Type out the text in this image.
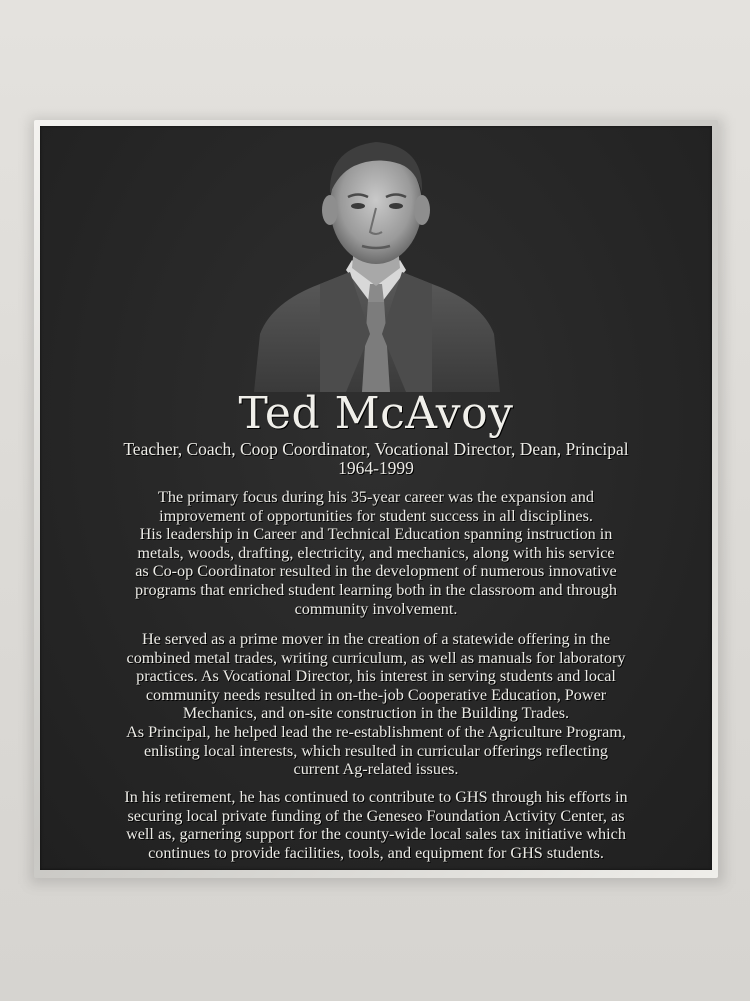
Ted McAvoy
Teacher, Coach, Coop Coordinator, Vocational Director, Dean, Principal
1964-1999
The primary focus during his 35-year career was the expansion and
improvement of opportunities for student success in all disciplines.
His leadership in Career and Technical Education spanning instruction in
metals, woods, drafting, electricity, and mechanics, along with his service
as Co-op Coordinator resulted in the development of numerous innovative
programs that enriched student learning both in the classroom and through
community involvement.
He served as a prime mover in the creation of a statewide offering in the
combined metal trades, writing curriculum, as well as manuals for laboratory
practices. As Vocational Director, his interest in serving students and local
community needs resulted in on-the-job Cooperative Education, Power
Mechanics, and on-site construction in the Building Trades.
As Principal, he helped lead the re-establishment of the Agriculture Program,
enlisting local interests, which resulted in curricular offerings reflecting
current Ag-related issues.
In his retirement, he has continued to contribute to GHS through his efforts in
securing local private funding of the Geneseo Foundation Activity Center, as
well as, garnering support for the county-wide local sales tax initiative which
continues to provide facilities, tools, and equipment for GHS students.
